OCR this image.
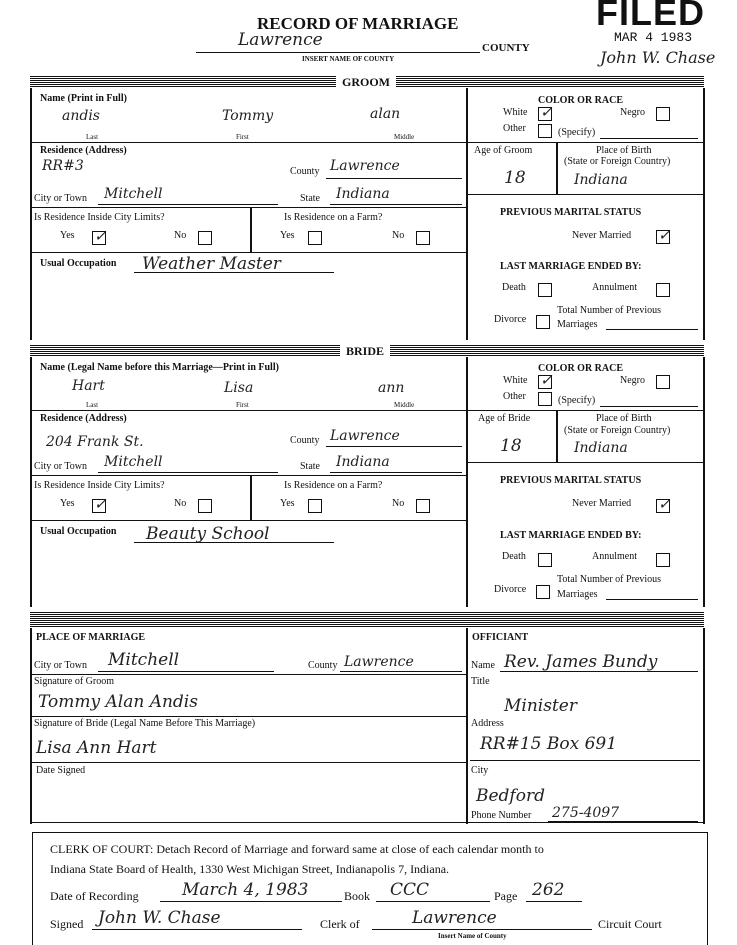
RECORD OF MARRIAGE
Lawrence	COUNTY
INSERT NAME OF COUNTY
FILED
MAR 4 1983
John W. Chase
GROOM
Name (Print in Full)
andis	Tommy	alan
Last	First	Middle
Residence (Address)
RR#3	County Lawrence
City or Town Mitchell	State Indiana
Is Residence Inside City Limits?	Is Residence on a Farm?
Yes ✓	No	Yes	No
Usual Occupation Weather Master
COLOR OR RACE
White ✓	Negro
Other	(Specify)
Age of Groom
18
Place of Birth
(State or Foreign Country)
Indiana
PREVIOUS MARITAL STATUS
Never Married
✓
LAST MARRIAGE ENDED BY:
Death	Annulment
Divorce
Total Number of Previous
Marriages
BRIDE
Name (Legal Name before this Marriage—Print in Full)
Hart	Lisa	ann
Last	First	Middle
Residence (Address)
204 Frank St.	County Lawrence
City or Town Mitchell	State Indiana
Is Residence Inside City Limits?	Is Residence on a Farm?
Yes ✓	No	Yes	No
Usual Occupation Beauty School
COLOR OR RACE
White ✓	Negro
Other	(Specify)
Age of Bride
18
Place of Birth
(State or Foreign Country)
Indiana
PREVIOUS MARITAL STATUS
Never Married
✓
LAST MARRIAGE ENDED BY:
Death	Annulment
Divorce
Total Number of Previous
Marriages
PLACE OF MARRIAGE
City or Town Mitchell	County Lawrence
Signature of Groom
Tommy Alan Andis
Signature of Bride (Legal Name Before This Marriage)
Lisa Ann Hart
Date Signed
OFFICIANT
Name Rev. James Bundy
Title
Minister
Address
RR#15 Box 691
City
Bedford
Phone Number 275-4097
CLERK OF COURT: Detach Record of Marriage and forward same at close of each calendar month to
Indiana State Board of Health, 1330 West Michigan Street, Indianapolis 7, Indiana.
Date of Recording	March 4, 1983	Book CCC	Page 262
Signed John W. Chase	Clerk of	Lawrence	Circuit Court
Insert Name of County
